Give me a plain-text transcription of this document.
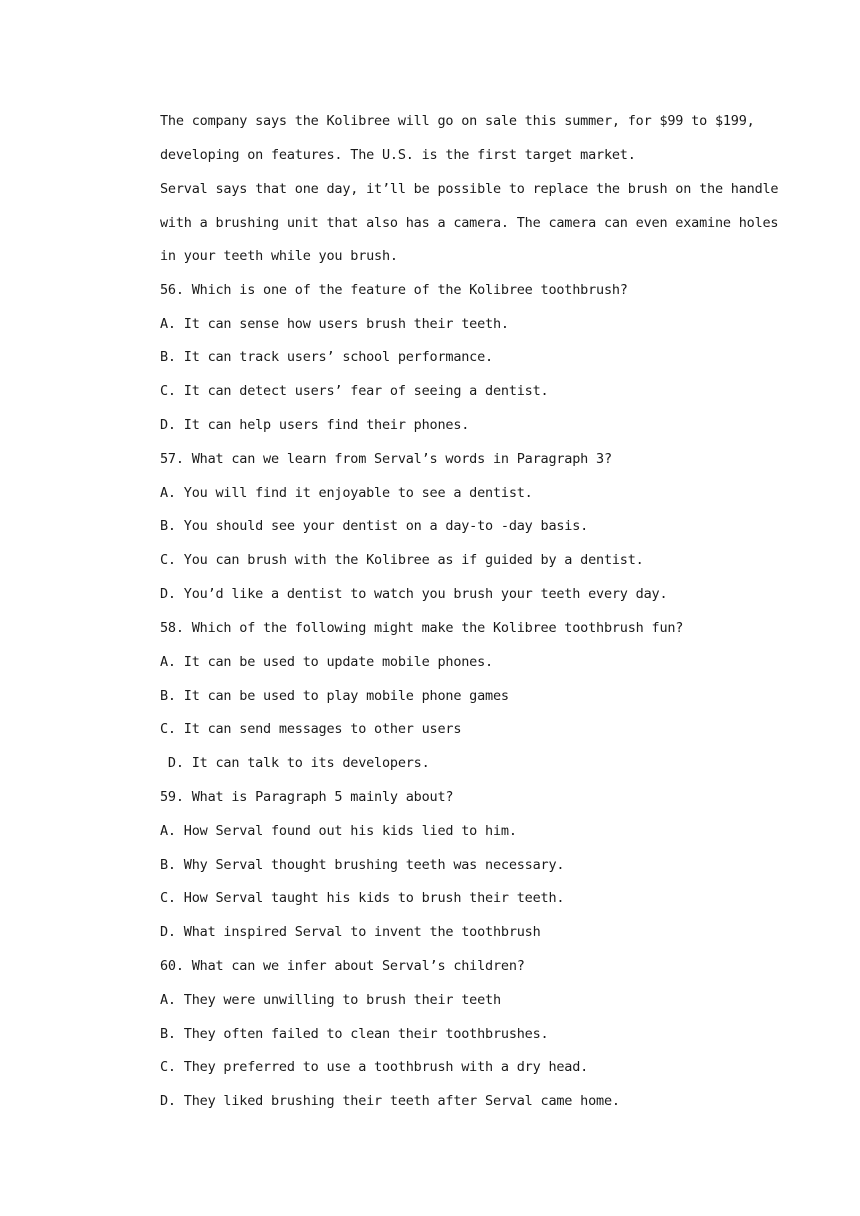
The company says the Kolibree will go on sale this summer, for $99 to $199,
developing on features. The U.S. is the first target market.
Serval says that one day, it’ll be possible to replace the brush on the handle
with a brushing unit that also has a camera. The camera can even examine holes
in your teeth while you brush.
56. Which is one of the feature of the Kolibree toothbrush?
A. It can sense how users brush their teeth.
B. It can track users’ school performance.
C. It can detect users’ fear of seeing a dentist.
D. It can help users find their phones.
57. What can we learn from Serval’s words in Paragraph 3?
A. You will find it enjoyable to see a dentist.
B. You should see your dentist on a day-to -day basis.
C. You can brush with the Kolibree as if guided by a dentist.
D. You’d like a dentist to watch you brush your teeth every day.
58. Which of the following might make the Kolibree toothbrush fun?
A. It can be used to update mobile phones.
B. It can be used to play mobile phone games
C. It can send messages to other users
D. It can talk to its developers.
59. What is Paragraph 5 mainly about?
A. How Serval found out his kids lied to him.
B. Why Serval thought brushing teeth was necessary.
C. How Serval taught his kids to brush their teeth.
D. What inspired Serval to invent the toothbrush
60. What can we infer about Serval’s children?
A. They were unwilling to brush their teeth
B. They often failed to clean their toothbrushes.
C. They preferred to use a toothbrush with a dry head.
D. They liked brushing their teeth after Serval came home.
